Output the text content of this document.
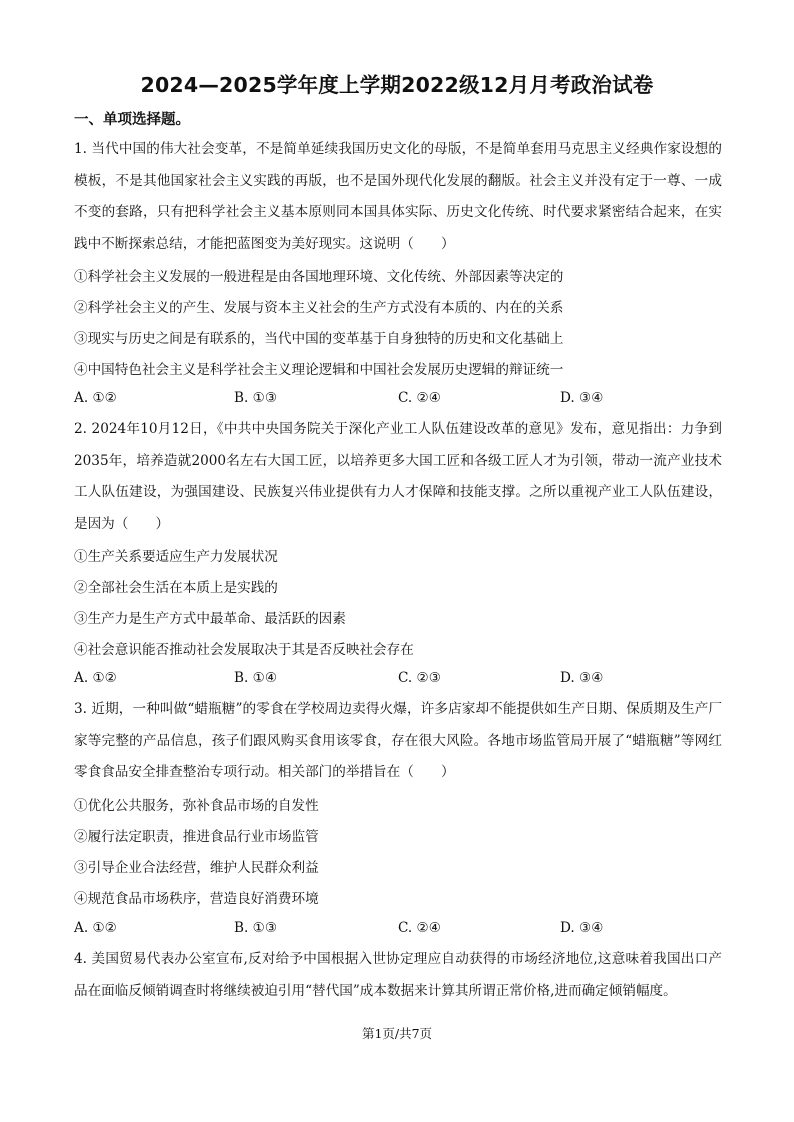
2024—2025学年度上学期2022级12月月考政治试卷
一、单项选择题。
1. 当代中国的伟大社会变革，不是简单延续我国历史文化的母版，不是简单套用马克思主义经典作家设想的模板，不是其他国家社会主义实践的再版，也不是国外现代化发展的翻版。社会主义并没有定于一尊、一成不变的套路，只有把科学社会主义基本原则同本国具体实际、历史文化传统、时代要求紧密结合起来，在实践中不断探索总结，才能把蓝图变为美好现实。这说明（　　）
①科学社会主义发展的一般进程是由各国地理环境、文化传统、外部因素等决定的
②科学社会主义的产生、发展与资本主义社会的生产方式没有本质的、内在的关系
③现实与历史之间是有联系的，当代中国的变革基于自身独特的历史和文化基础上
④中国特色社会主义是科学社会主义理论逻辑和中国社会发展历史逻辑的辩证统一
A. ①②	B. ①③	C. ②④	D. ③④
2. 2024年10月12日，《中共中央国务院关于深化产业工人队伍建设改革的意见》发布，意见指出：力争到2035年，培养造就2000名左右大国工匠，以培养更多大国工匠和各级工匠人才为引领，带动一流产业技术工人队伍建设，为强国建设、民族复兴伟业提供有力人才保障和技能支撑。之所以重视产业工人队伍建设，是因为（　　）
①生产关系要适应生产力发展状况
②全部社会生活在本质上是实践的
③生产力是生产方式中最革命、最活跃的因素
④社会意识能否推动社会发展取决于其是否反映社会存在
A. ①②	B. ①④	C. ②③	D. ③④
3. 近期，一种叫做“蜡瓶糖”的零食在学校周边卖得火爆，许多店家却不能提供如生产日期、保质期及生产厂家等完整的产品信息，孩子们跟风购买食用该零食，存在很大风险。各地市场监管局开展了“蜡瓶糖”等网红零食食品安全排查整治专项行动。相关部门的举措旨在（　　）
①优化公共服务，弥补食品市场的自发性
②履行法定职责，推进食品行业市场监管
③引导企业合法经营，维护人民群众利益
④规范食品市场秩序，营造良好消费环境
A. ①②	B. ①③	C. ②④	D. ③④
4. 美国贸易代表办公室宣布,反对给予中国根据入世协定理应自动获得的市场经济地位,这意味着我国出口产品在面临反倾销调查时将继续被迫引用“替代国”成本数据来计算其所谓正常价格,进而确定倾销幅度。
第1页/共7页
